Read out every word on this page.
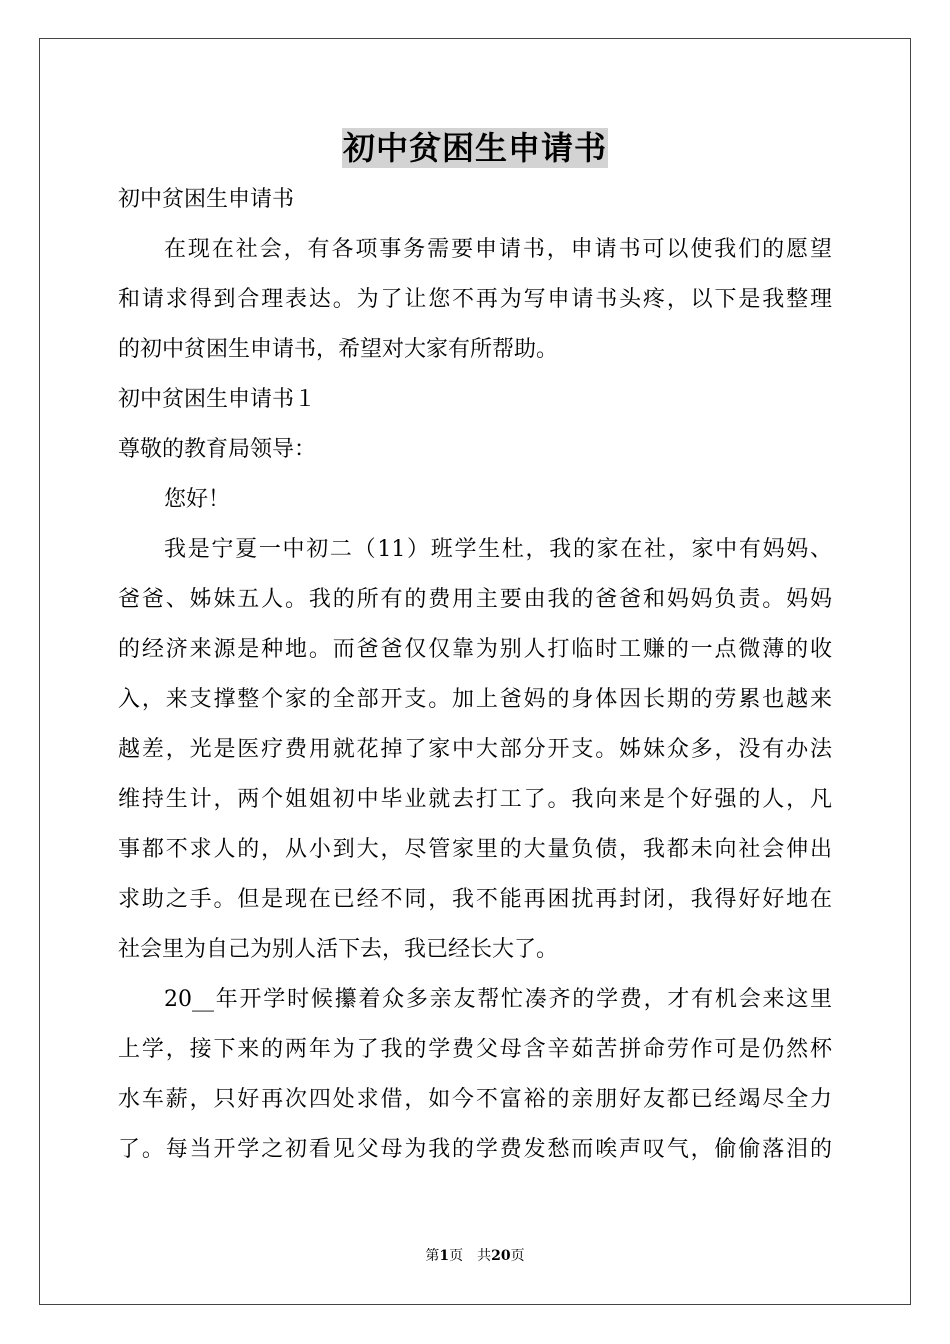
初中贫困生申请书
初中贫困生申请书
在现在社会，有各项事务需要申请书，申请书可以使我们的愿望
和请求得到合理表达。为了让您不再为写申请书头疼，以下是我整理
的初中贫困生申请书，希望对大家有所帮助。
初中贫困生申请书１
尊敬的教育局领导：
您好！
我是宁夏一中初二（11）班学生杜，我的家在社，家中有妈妈、
爸爸、姊妹五人。我的所有的费用主要由我的爸爸和妈妈负责。妈妈
的经济来源是种地。而爸爸仅仅靠为别人打临时工赚的一点微薄的收
入，来支撑整个家的全部开支。加上爸妈的身体因长期的劳累也越来
越差，光是医疗费用就花掉了家中大部分开支。姊妹众多，没有办法
维持生计，两个姐姐初中毕业就去打工了。我向来是个好强的人，凡
事都不求人的，从小到大，尽管家里的大量负债，我都未向社会伸出
求助之手。但是现在已经不同，我不能再困扰再封闭，我得好好地在
社会里为自己为别人活下去，我已经长大了。
20__年开学时候攥着众多亲友帮忙凑齐的学费，才有机会来这里
上学，接下来的两年为了我的学费父母含辛茹苦拼命劳作可是仍然杯
水车薪，只好再次四处求借，如今不富裕的亲朋好友都已经竭尽全力
了。每当开学之初看见父母为我的学费发愁而唉声叹气，偷偷落泪的
第1页　共20页
